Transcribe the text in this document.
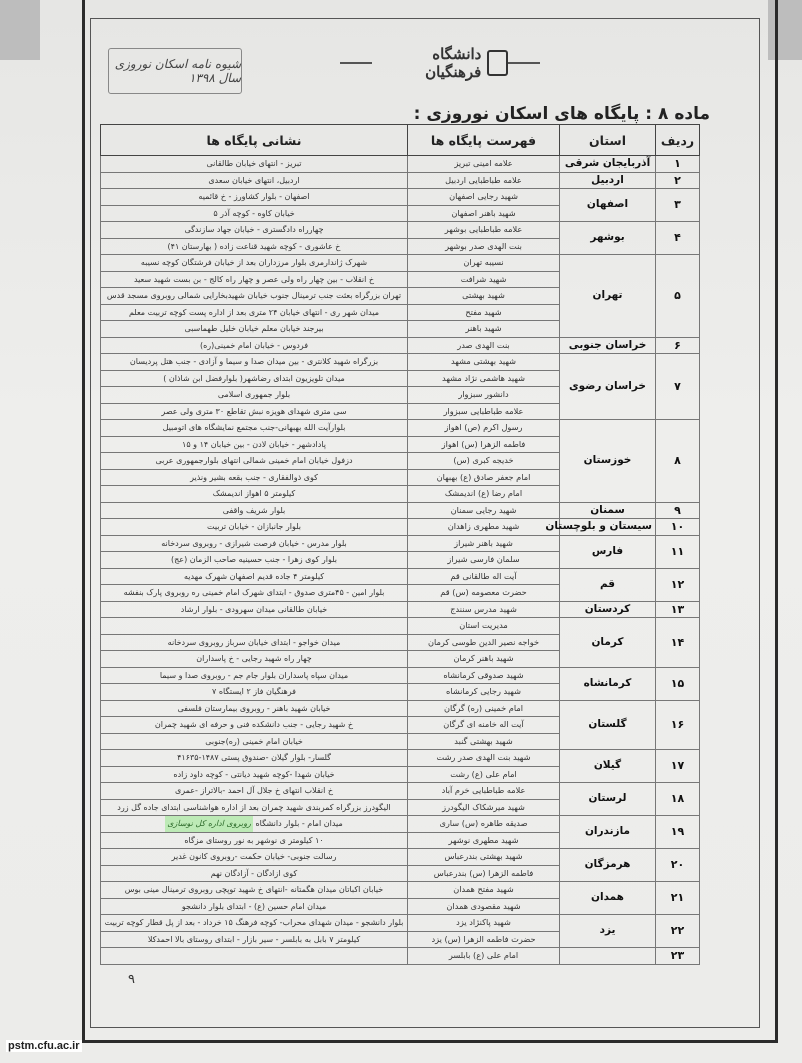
شیوه نامه اسکان نوروزی سال ۱۳۹۸
دانشگاه فرهنگیان
ماده ۸ : پایگاه های اسکان نوروزی :
ردیف	استان	فهرست پایگاه ها	نشانی پایگاه ها
۱	آذربایجان شرقی	علامه امینی تبریز	تبریز - انتهای خیابان طالقانی
۲	اردبیل	علامه طباطبایی اردبیل	اردبیل، انتهای خیابان سعدی
۳	اصفهان	شهید رجایی اصفهان	اصفهان - بلوار کشاورز - خ قائمیه
		شهید باهنر اصفهان	خیابان کاوه - کوچه آذر ۵
۴	بوشهر	علامه طباطبایی بوشهر	چهارراه دادگستری - خیابان جهاد سازندگی
		بنت الهدی صدر بوشهر	خ عاشوری - کوچه شهید قناعت زاده ( بهارستان ۴۱)
۵	تهران	نسیبه تهران	شهرک ژاندارمری بلوار مرزداران بعد از خیابان فرشتگان کوچه نسیبه
		شهید شرافت	خ انقلاب - بین چهار راه ولی عصر و چهار راه کالج - بن بست شهید سعید
		شهید بهشتی	تهران بزرگراه بعثت جنب ترمینال جنوب خیابان شهیدبخارایی شمالی روبروی مسجد قدس
		شهید مفتح	میدان شهر ری - انتهای خیابان ۲۴ متری بعد از اداره پست کوچه تربیت معلم
		شهید باهنر	بیرجند خیابان معلم خیابان خلیل طهماسبی
۶	خراسان جنوبی	بنت الهدی صدر	فردوس - خیابان امام خمینی(ره)
۷	خراسان رضوی	شهید بهشتی مشهد	بزرگراه شهید کلانتری - بین میدان صدا و سیما و آزادی - جنب هتل پردیسان
		شهید هاشمی نژاد مشهد	میدان تلویزیون ابتدای رضاشهر( بلوارفضل ابن شاذان )
		دانشور سبزوار	بلوار جمهوری اسلامی
		علامه طباطبایی سبزوار	سی متری شهدای هویزه نبش تقاطع ۳۰ متری ولی عصر
۸	خوزستان	رسول اکرم (ص) اهواز	بلوارآیت الله بهبهانی-جنب مجتمع نمایشگاه های اتومبیل
		فاطمه الزهرا (س) اهواز	پادادشهر - خیابان لادن - بین خیابان ۱۴ و ۱۵
		خدیجه کبری (س)	دزفول خیابان امام خمینی شمالی انتهای بلوارجمهوری عربی
		امام جعفر صادق (ع) بهبهان	کوی ذوالفقاری - جنب بقعه بشیر ونذیر
		امام رضا (ع) اندیمشک	کیلومتر ۵ اهواز اندیمشک
۹	سمنان	شهید رجایی سمنان	بلوار شریف واقفی
۱۰	سیستان و بلوچستان	شهید مطهری زاهدان	بلوار جانبازان - خیابان تربیت
۱۱	فارس	شهید باهنر شیراز	بلوار مدرس - خیابان فرصت شیرازی - روبروی سردخانه
		سلمان فارسی شیراز	بلوار کوی زهرا - جنب حسینیه صاحب الزمان (عج)
۱۲	قم	آیت اله طالقانی قم	کیلومتر ۴ جاده قدیم اصفهان شهرک مهدیه
		حضرت معصومه (س) قم	بلوار امین - ۴۵متری صدوق - ابتدای شهرک امام خمینی ره روبروی پارک بنفشه
۱۳	کردستان	شهید مدرس سنندج	خیابان طالقانی میدان سهرودی - بلوار ارشاد
۱۴	کرمان	مدیریت استان	
		خواجه نصیر الدین طوسی کرمان	میدان خواجو - ابتدای خیابان سرباز روبروی سردخانه
		شهید باهنر کرمان	چهار راه شهید رجایی - خ پاسداران
۱۵	کرمانشاه	شهید صدوقی کرمانشاه	میدان سپاه پاسداران بلوار جام جم - روبروی صدا و سیما
		شهید رجایی کرمانشاه	فرهنگیان فاز ۲ ایستگاه ۷
۱۶	گلستان	امام خمینی (ره) گرگان	خیابان شهید باهنر - روبروی بیمارستان فلسفی
		آیت اله خامنه ای گرگان	خ شهید رجایی - جنب دانشکده فنی و حرفه ای شهید چمران
		شهید بهشتی گنبد	خیابان امام خمینی (ره)جنوبی
۱۷	گیلان	شهید بنت الهدی صدر رشت	گلسار- بلوار گیلان -صندوق پستی ۱۴۸۷-۴۱۶۳۵
		امام علی (ع) رشت	خیابان شهدا -کوچه شهید دیانتی - کوچه داود زاده
۱۸	لرستان	علامه طباطبایی خرم آباد	خ انقلاب انتهای خ جلال آل احمد -بالاتراز -عمری
		شهید میرشکاک الیگودرز	الیگودرز بزرگراه کمربندی شهید چمران بعد از اداره هواشناسی ابتدای جاده گل زرد
۱۹	مازندران	صدیقه طاهره (س) ساری	میدان امام - بلوار دانشگاه روبروی اداره کل نوسازی
		شهید مطهری نوشهر	۱۰ کیلومتر ی نوشهر به نور روستای مزگاه
۲۰	هرمزگان	شهید بهشتی بندرعباس	رسالت جنوبی- خیابان حکمت -روبروی کانون غدیر
		فاطمه الزهرا (س) بندرعباس	کوی ازادگان - آزادگان نهم
۲۱	همدان	شهید مفتح همدان	خیابان اکباتان میدان هگمتانه -انتهای خ شهید توپچی روبروی ترمینال مینی بوس
		شهید مقصودی همدان	میدان امام حسین (ع) - ابتدای بلوار دانشجو
۲۲	یزد	شهید پاکنژاد یزد	بلوار دانشجو - میدان شهدای محراب- کوچه فرهنگ ۱۵ خرداد - بعد از پل قطار کوچه تربیت
		حضرت فاطمه الزهرا (س) یزد	کیلومتر ۷ بابل به بابلسر - سیر بازار - ابتدای روستای بالا احمدکلا
۲۳		امام علی (ع) بابلسر	
۹
pstm.cfu.ac.ir
